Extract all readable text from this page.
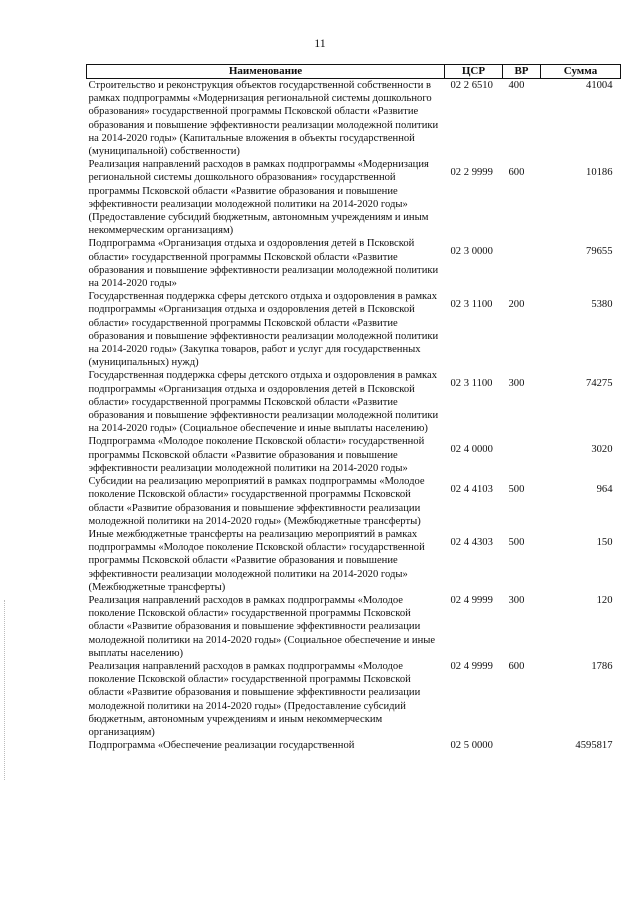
11
Наименование	ЦСР	ВР	Сумма
Строительство и реконструкция объектов государственной собственности в рамках подпрограммы «Модернизация региональной системы дошкольного образования» государственной программы Псковской области «Развитие образования и повышение эффективности реализации молодежной политики на 2014-2020 годы» (Капитальные вложения в объекты государственной (муниципальной) собственности)	02 2 6510	400	41004
Реализация направлений расходов в рамках подпрограммы «Модернизация региональной системы дошкольного образования» государственной программы Псковской области «Развитие образования и повышение эффективности реализации молодежной политики на 2014-2020 годы» (Предоставление субсидий бюджетным, автономным учреждениям и иным некоммерческим организациям)	02 2 9999	600	10186
Подпрограмма «Организация отдыха и оздоровления детей в Псковской области» государственной программы Псковской области «Развитие образования и повышение эффективности реализации молодежной политики на 2014-2020 годы»	02 3 0000		79655
Государственная поддержка сферы детского отдыха и оздоровления в рамках подпрограммы «Организация отдыха и оздоровления детей в Псковской области» государственной программы Псковской области «Развитие образования и повышение эффективности реализации молодежной политики на 2014-2020 годы» (Закупка товаров, работ и услуг для государственных (муниципальных) нужд)	02 3 1100	200	5380
Государственная поддержка сферы детского отдыха и оздоровления в рамках подпрограммы «Организация отдыха и оздоровления детей в Псковской области» государственной программы Псковской области «Развитие образования и повышение эффективности реализации молодежной политики на 2014-2020 годы» (Социальное обеспечение и иные выплаты населению)	02 3 1100	300	74275
Подпрограмма «Молодое поколение Псковской области» государственной программы Псковской области «Развитие образования и повышение эффективности реализации молодежной политики на 2014-2020 годы»	02 4 0000		3020
Субсидии на реализацию мероприятий в рамках подпрограммы «Молодое поколение Псковской области» государственной программы Псковской области «Развитие образования и повышение эффективности реализации молодежной политики на 2014-2020 годы» (Межбюджетные трансферты)	02 4 4103	500	964
Иные межбюджетные трансферты на реализацию мероприятий в рамках подпрограммы «Молодое поколение Псковской области» государственной программы Псковской области «Развитие образования и повышение эффективности реализации молодежной политики на 2014-2020 годы» (Межбюджетные трансферты)	02 4 4303	500	150
Реализация направлений расходов в рамках подпрограммы «Молодое поколение Псковской области» государственной программы Псковской области «Развитие образования и повышение эффективности реализации молодежной политики на 2014-2020 годы» (Социальное обеспечение и иные выплаты населению)	02 4 9999	300	120
Реализация направлений расходов в рамках подпрограммы «Молодое поколение Псковской области» государственной программы Псковской области «Развитие образования и повышение эффективности реализации молодежной политики на 2014-2020 годы» (Предоставление субсидий бюджетным, автономным учреждениям и иным некоммерческим организациям)	02 4 9999	600	1786
Подпрограмма «Обеспечение реализации государственной	02 5 0000		4595817
